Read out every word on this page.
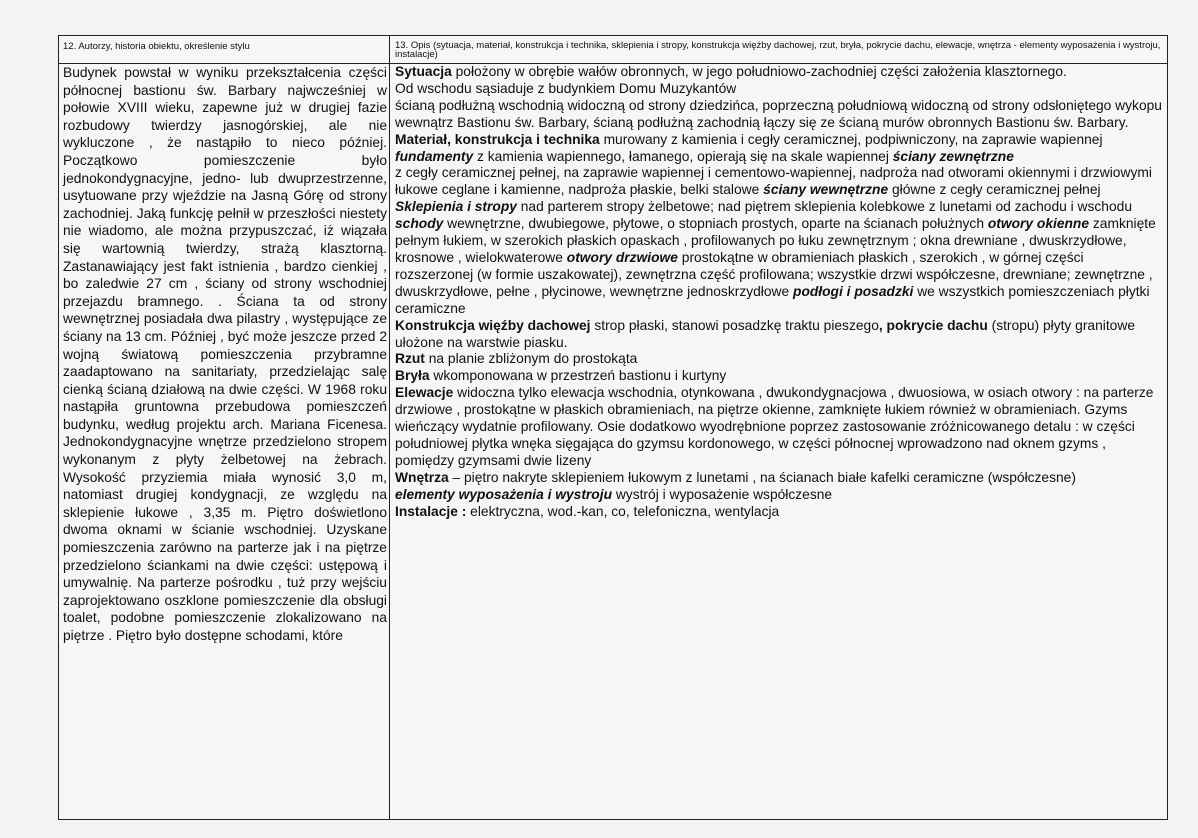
12. Autorzy, historia obiektu, określenie stylu	13. Opis (sytuacja, materiał, konstrukcja i technika, sklepienia i stropy, konstrukcja więźby dachowej, rzut, bryła, pokrycie dachu, elewacje, wnętrza - elementy wyposażenia i wystroju, instalacje)

Budynek powstał w wyniku przekształcenia części północnej bastionu św. Barbary najwcześniej w połowie XVIII wieku, zapewne już w drugiej fazie rozbudowy twierdzy jasnogórskiej, ale nie wykluczone , że nastąpiło to nieco później. Początkowo pomieszczenie było jednokondygnacyjne, jedno- lub dwuprzestrzenne, usytuowane przy wjeździe na Jasną Górę od strony zachodniej. Jaką funkcję pełnił w przeszłości niestety nie wiadomo, ale można przypuszczać, iż wiązała się wartownią twierdzy, strażą klasztorną. Zastanawiający jest fakt istnienia , bardzo cienkiej , bo zaledwie 27 cm , ściany od strony wschodniej przejazdu bramnego. . Ściana ta od strony wewnętrznej posiadała dwa pilastry , występujące ze ściany na 13 cm. Później , być może jeszcze przed 2 wojną światową pomieszczenia przybramne zaadaptowano na sanitariaty, przedzielając salę cienką ścianą działową na dwie części. W 1968 roku nastąpiła gruntowna przebudowa pomieszczeń budynku, według projektu arch. Mariana Ficenesa. Jednokondygnacyjne wnętrze przedzielono stropem wykonanym z płyty żelbetowej na żebrach. Wysokość przyziemia miała wynosić 3,0 m, natomiast drugiej kondygnacji, ze względu na sklepienie łukowe , 3,35 m. Piętro doświetlono dwoma oknami w ścianie wschodniej. Uzyskane pomieszczenia zarówno na parterze jak i na piętrze przedzielono ściankami na dwie części: ustępową i umywalnię. Na parterze pośrodku , tuż przy wejściu zaprojektowano oszklone pomieszczenie dla obsługi toalet, podobne pomieszczenie zlokalizowano na piętrze . Piętro było dostępne schodami, które

Sytuacja położony w obrębie wałów obronnych, w jego południowo-zachodniej części założenia klasztornego.

Od wschodu sąsiaduje z budynkiem Domu Muzykantów

ścianą podłużną wschodnią widoczną od strony dziedzińca, poprzeczną południową widoczną od strony odsłoniętego wykopu wewnątrz Bastionu św. Barbary, ścianą podłużną zachodnią łączy się ze ścianą murów obronnych Bastionu św. Barbary.

Materiał, konstrukcja i technika murowany z kamienia i cegły ceramicznej, podpiwniczony, na zaprawie wapiennej fundamenty z kamienia wapiennego, łamanego, opierają się na skale wapiennej ściany zewnętrzne

z cegły ceramicznej pełnej, na zaprawie wapiennej i cementowo-wapiennej, nadproża nad otworami okiennymi i drzwiowymi łukowe ceglane i kamienne, nadproża płaskie, belki stalowe ściany wewnętrzne główne z cegły ceramicznej pełnej

Sklepienia i stropy nad parterem stropy żelbetowe; nad piętrem sklepienia kolebkowe z lunetami od zachodu i wschodu schody wewnętrzne, dwubiegowe, płytowe, o stopniach prostych, oparte na ścianach połużnych otwory okienne zamknięte pełnym łukiem, w szerokich płaskich opaskach , profilowanych po łuku zewnętrznym ; okna drewniane , dwuskrzydłowe, krosnowe , wielokwaterowe otwory drzwiowe prostokątne w obramieniach płaskich , szerokich , w górnej części rozszerzonej (w formie uszakowatej), zewnętrzna część profilowana; wszystkie drzwi współczesne, drewniane; zewnętrzne , dwuskrzydłowe, pełne , płycinowe, wewnętrzne jednoskrzydłowe podłogi i posadzki we wszystkich pomieszczeniach płytki ceramiczne

Konstrukcja więźby dachowej strop płaski, stanowi posadzkę traktu pieszego, pokrycie dachu (stropu) płyty granitowe ułożone na warstwie piasku.

Rzut na planie zbliżonym do prostokąta

Bryła wkomponowana w przestrzeń bastionu i kurtyny

Elewacje widoczna tylko elewacja wschodnia, otynkowana , dwukondygnacjowa , dwuosiowa, w osiach otwory : na parterze drzwiowe , prostokątne w płaskich obramieniach, na piętrze okienne, zamknięte łukiem również w obramieniach. Gzyms wieńczący wydatnie profilowany. Osie dodatkowo wyodrębnione poprzez zastosowanie zróżnicowanego detalu : w części południowej płytka wnęka sięgająca do gzymsu kordonowego, w części północnej wprowadzono nad oknem gzyms , pomiędzy gzymsami dwie lizeny

Wnętrza – piętro nakryte sklepieniem łukowym z lunetami , na ścianach białe kafelki ceramiczne (współczesne)

elementy wyposażenia i wystroju wystrój i wyposażenie współczesne

Instalacje : elektryczna, wod.-kan, co, telefoniczna, wentylacja
